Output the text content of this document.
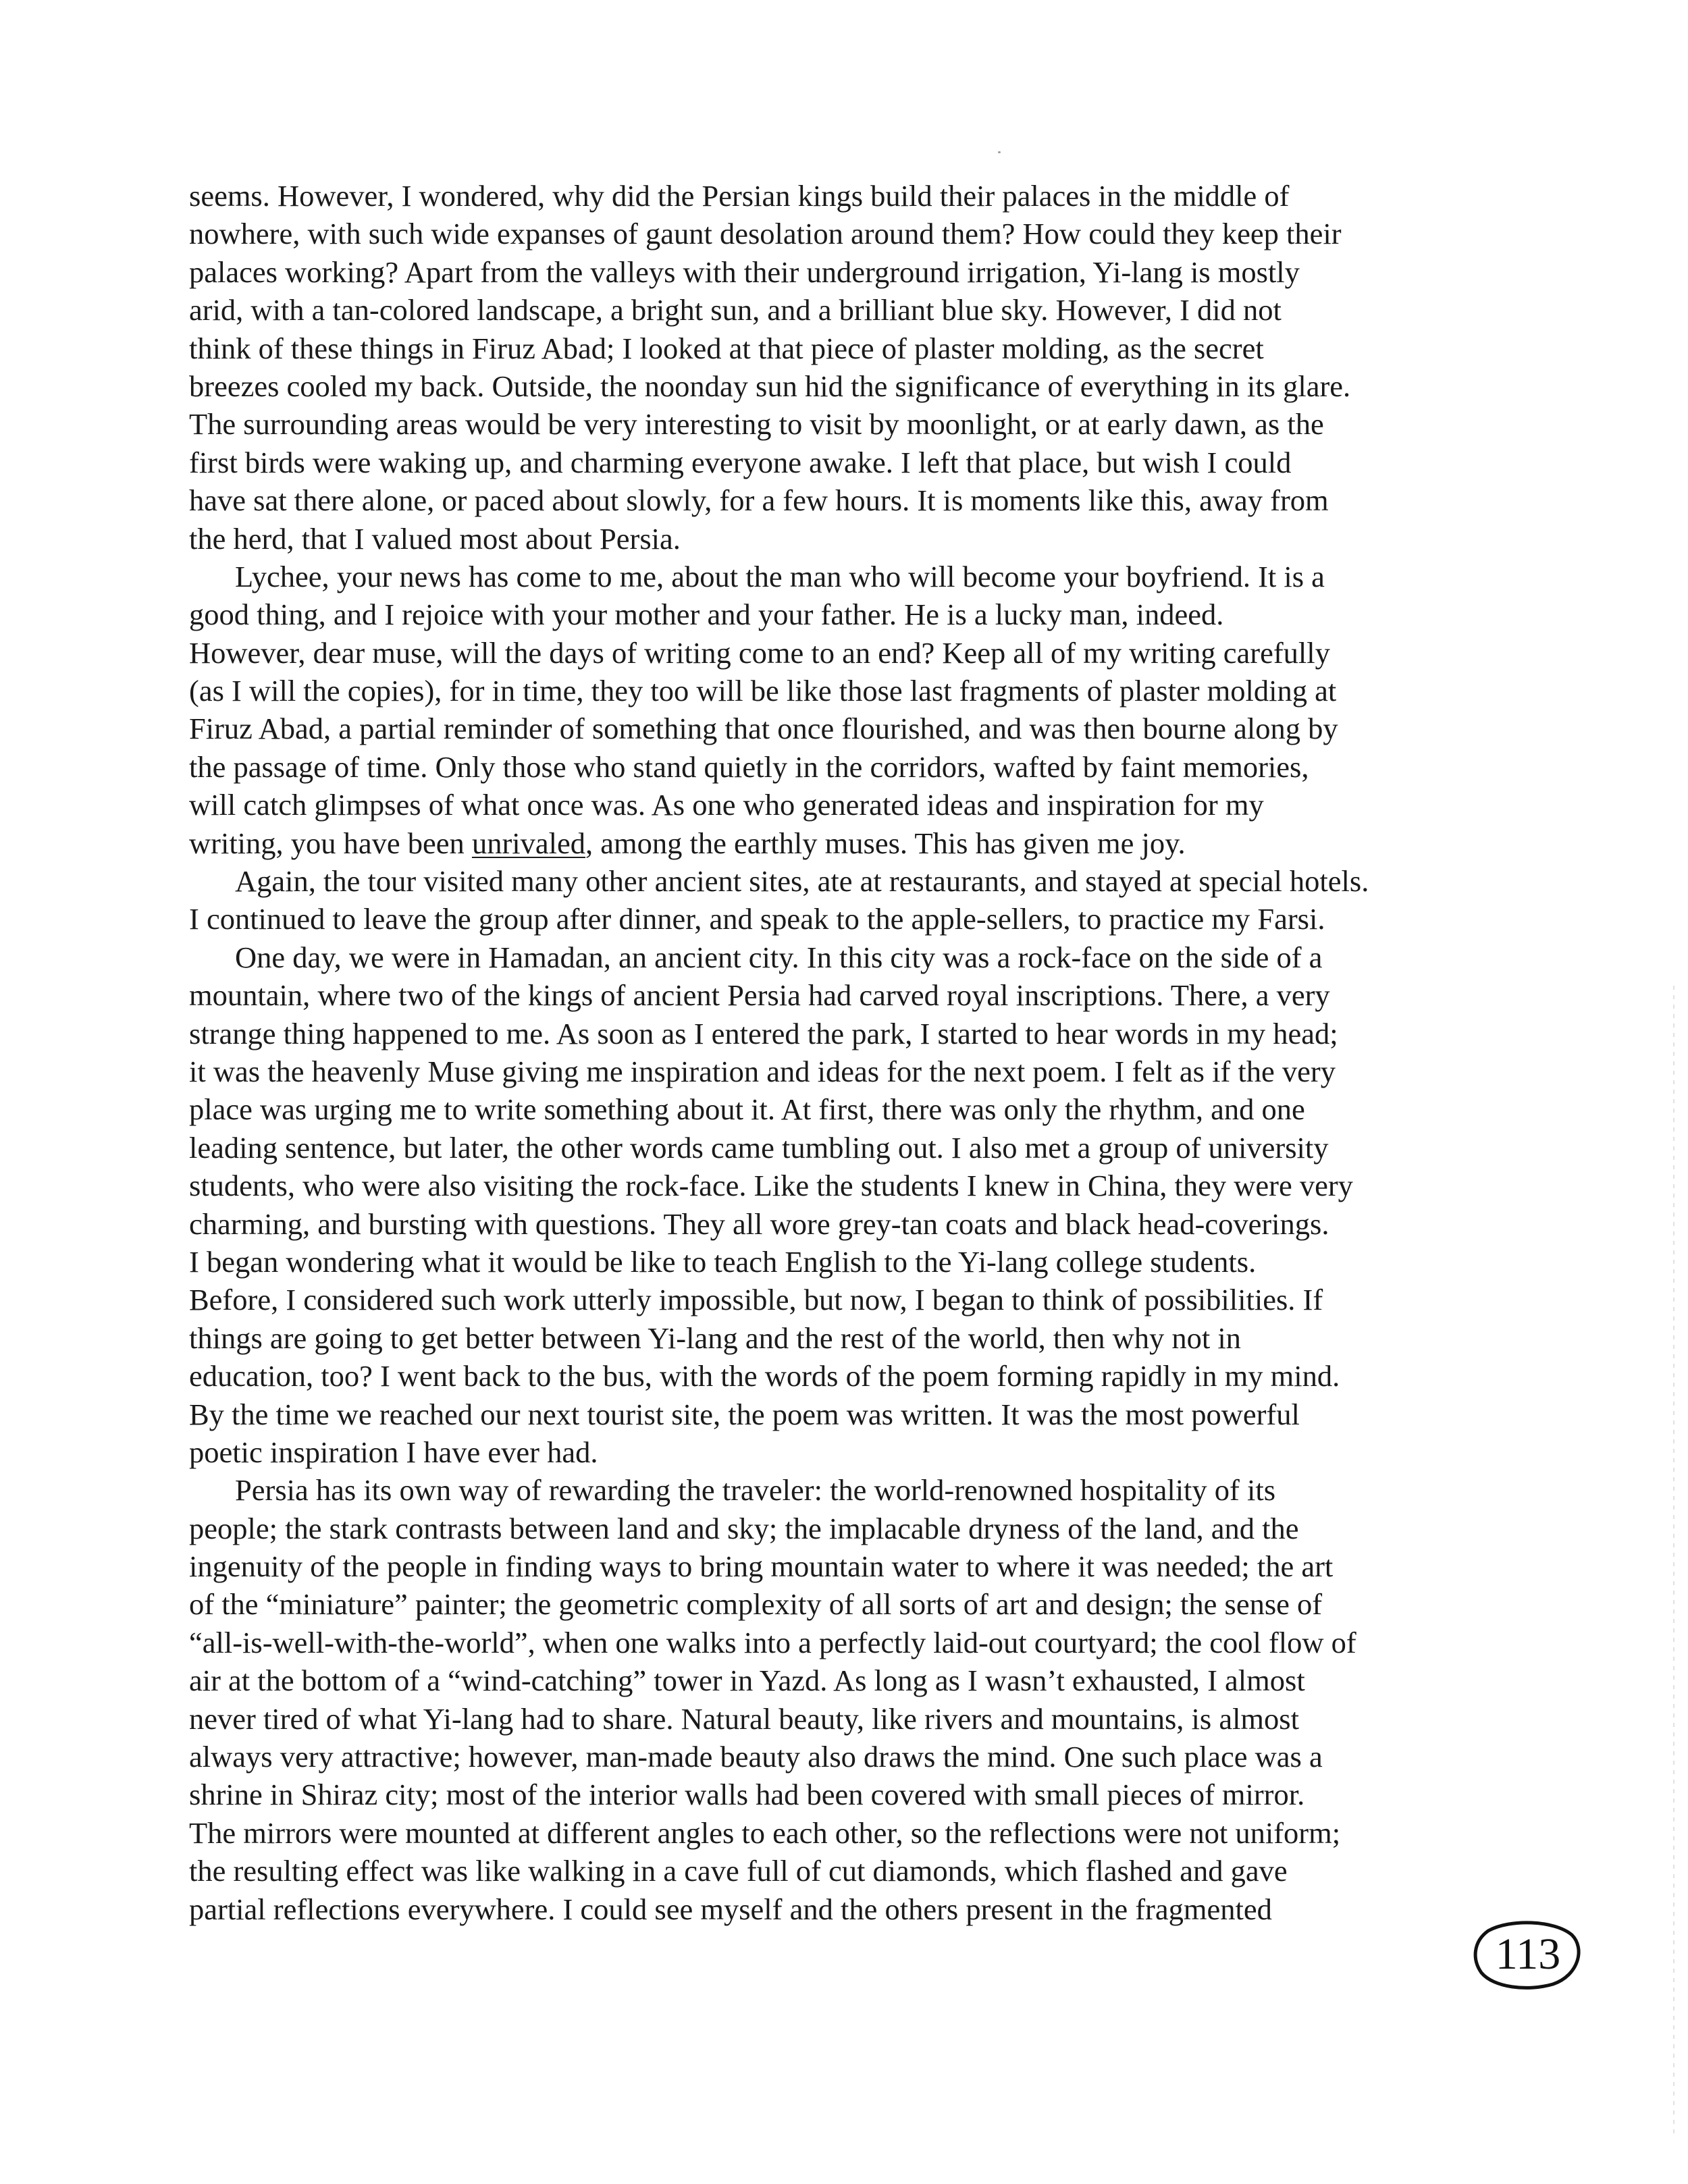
seems. However, I wondered, why did the Persian kings build their palaces in the middle of
nowhere, with such wide expanses of gaunt desolation around them? How could they keep their
palaces working? Apart from the valleys with their underground irrigation, Yi-lang is mostly
arid, with a tan-colored landscape, a bright sun, and a brilliant blue sky. However, I did not
think of these things in Firuz Abad; I looked at that piece of plaster molding, as the secret
breezes cooled my back. Outside, the noonday sun hid the significance of everything in its glare.
The surrounding areas would be very interesting to visit by moonlight, or at early dawn, as the
first birds were waking up, and charming everyone awake. I left that place, but wish I could
have sat there alone, or paced about slowly, for a few hours. It is moments like this, away from
the herd, that I valued most about Persia.
Lychee, your news has come to me, about the man who will become your boyfriend. It is a
good thing, and I rejoice with your mother and your father. He is a lucky man, indeed.
However, dear muse, will the days of writing come to an end? Keep all of my writing carefully
(as I will the copies), for in time, they too will be like those last fragments of plaster molding at
Firuz Abad, a partial reminder of something that once flourished, and was then bourne along by
the passage of time. Only those who stand quietly in the corridors, wafted by faint memories,
will catch glimpses of what once was. As one who generated ideas and inspiration for my
writing, you have been unrivaled, among the earthly muses. This has given me joy.
Again, the tour visited many other ancient sites, ate at restaurants, and stayed at special hotels.
I continued to leave the group after dinner, and speak to the apple-sellers, to practice my Farsi.
One day, we were in Hamadan, an ancient city. In this city was a rock-face on the side of a
mountain, where two of the kings of ancient Persia had carved royal inscriptions. There, a very
strange thing happened to me. As soon as I entered the park, I started to hear words in my head;
it was the heavenly Muse giving me inspiration and ideas for the next poem. I felt as if the very
place was urging me to write something about it. At first, there was only the rhythm, and one
leading sentence, but later, the other words came tumbling out. I also met a group of university
students, who were also visiting the rock-face. Like the students I knew in China, they were very
charming, and bursting with questions. They all wore grey-tan coats and black head-coverings.
I began wondering what it would be like to teach English to the Yi-lang college students.
Before, I considered such work utterly impossible, but now, I began to think of possibilities. If
things are going to get better between Yi-lang and the rest of the world, then why not in
education, too? I went back to the bus, with the words of the poem forming rapidly in my mind.
By the time we reached our next tourist site, the poem was written. It was the most powerful
poetic inspiration I have ever had.
Persia has its own way of rewarding the traveler: the world-renowned hospitality of its
people; the stark contrasts between land and sky; the implacable dryness of the land, and the
ingenuity of the people in finding ways to bring mountain water to where it was needed; the art
of the “miniature” painter; the geometric complexity of all sorts of art and design; the sense of
“all-is-well-with-the-world”, when one walks into a perfectly laid-out courtyard; the cool flow of
air at the bottom of a “wind-catching” tower in Yazd. As long as I wasn’t exhausted, I almost
never tired of what Yi-lang had to share. Natural beauty, like rivers and mountains, is almost
always very attractive; however, man-made beauty also draws the mind. One such place was a
shrine in Shiraz city; most of the interior walls had been covered with small pieces of mirror.
The mirrors were mounted at different angles to each other, so the reflections were not uniform;
the resulting effect was like walking in a cave full of cut diamonds, which flashed and gave
partial reflections everywhere. I could see myself and the others present in the fragmented
113
